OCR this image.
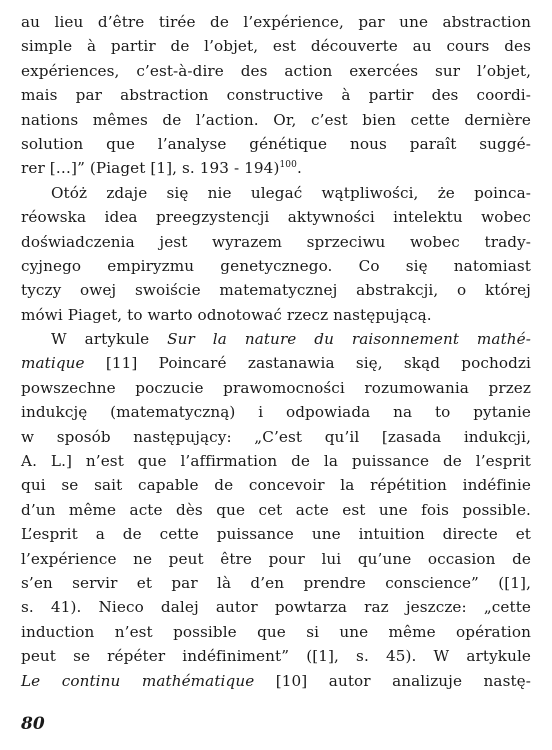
au lieu d’être tirée de l’expérience, par une abstraction
simple à partir de l’objet, est découverte au cours des
expériences, c’est-à-dire des action exercées sur l’objet,
mais par abstraction constructive à partir des coordi-
nations mêmes de l’action. Or, c’est bien cette dernière
solution que l’analyse génétique nous paraît suggé-
rer […]” (Piaget [1], s. 193 - 194)$^{100}$.
Otóż zdaje się nie ulegać wątpliwości, że poinca-
réowska idea preegzystencji aktywności intelektu wobec
doświadczenia jest wyrazem sprzeciwu wobec trady-
cyjnego empiryzmu genetycznego. Co się natomiast
tyczy owej swoiście matematycznej abstrakcji, o której
mówi Piaget, to warto odnotować rzecz następującą.
W artykule Sur la nature du raisonnement mathé-
matique [11] Poincaré zastanawia się, skąd pochodzi
powszechne poczucie prawomocności rozumowania przez
indukcję (matematyczną) i odpowiada na to pytanie
w sposób następujący: „C’est qu’il [zasada indukcji,
A. L.] n’est que l’affirmation de la puissance de l’esprit
qui se sait capable de concevoir la répétition indéfinie
d’un même acte dès que cet acte est une fois possible.
L’esprit a de cette puissance une intuition directe et
l’expérience ne peut être pour lui qu’une occasion de
s’en servir et par là d’en prendre conscience” ([1],
s. 41). Nieco dalej autor powtarza raz jeszcze: „cette
induction n’est possible que si une même opération
peut se répéter indéfiniment” ([1], s. 45). W artykule
Le continu mathématique [10] autor analizuje nastę-
80
